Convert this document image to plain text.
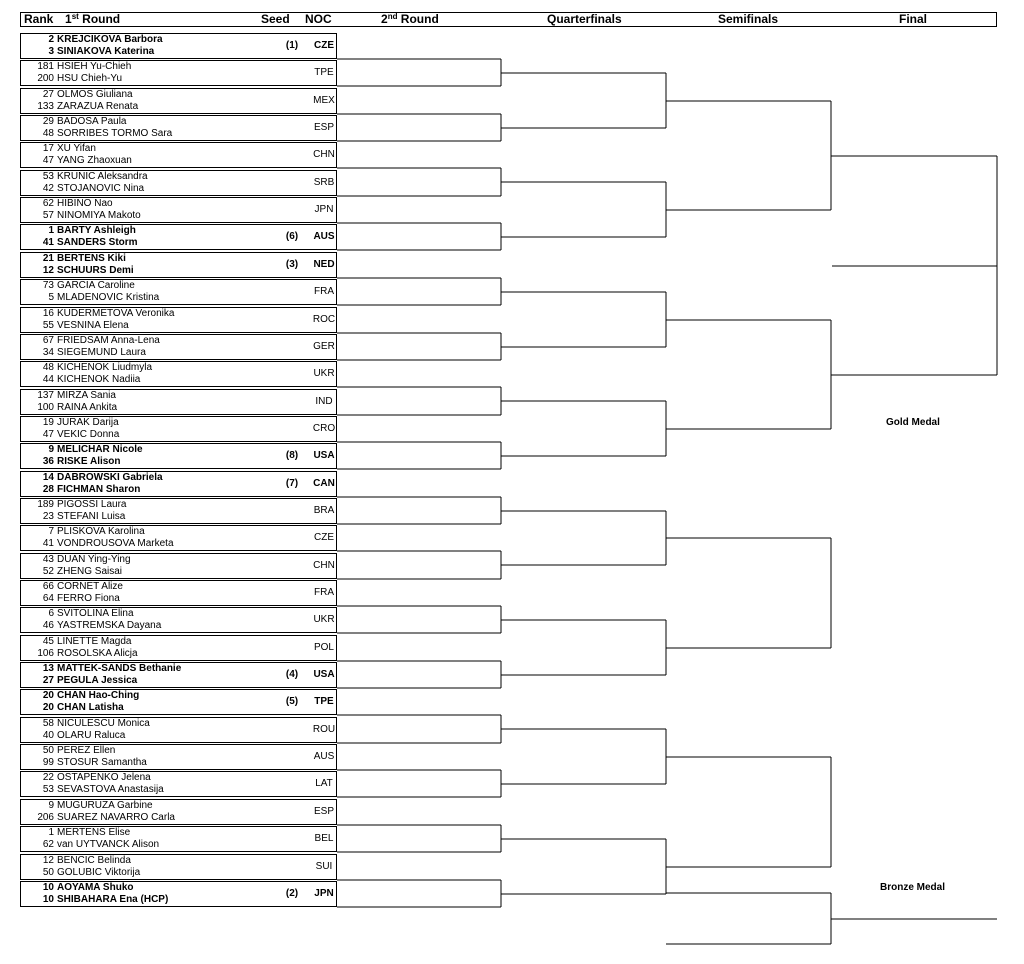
Rank 1st Round	Seed NOC	2nd Round	Quarterfinals	Semifinals	Final
2 KREJCIKOVA Barbora
3 SINIAKOVA Katerina
(1)	CZE
181 HSIEH Yu-Chieh
200 HSU Chieh-Yu
TPE
27 OLMOS Giuliana
133 ZARAZUA Renata
MEX
29 BADOSA Paula
48 SORRIBES TORMO Sara
ESP
17 XU Yifan
47 YANG Zhaoxuan
CHN
53 KRUNIC Aleksandra
42 STOJANOVIC Nina
SRB
62 HIBINO Nao
57 NINOMIYA Makoto
JPN
1 BARTY Ashleigh
41 SANDERS Storm
(6)	AUS
21 BERTENS Kiki
12 SCHUURS Demi
(3)	NED
73 GARCIA Caroline
5 MLADENOVIC Kristina
FRA
16 KUDERMETOVA Veronika
55 VESNINA Elena
ROC
67 FRIEDSAM Anna-Lena
34 SIEGEMUND Laura
GER
48 KICHENOK Liudmyla
44 KICHENOK Nadiia
UKR
137 MIRZA Sania
100 RAINA Ankita
IND
19 JURAK Darija
47 VEKIC Donna
CRO
9 MELICHAR Nicole
36 RISKE Alison
(8)	USA
14 DABROWSKI Gabriela
28 FICHMAN Sharon
(7)	CAN
189 PIGOSSI Laura
23 STEFANI Luisa
BRA
7 PLISKOVA Karolina
41 VONDROUSOVA Marketa
CZE
43 DUAN Ying-Ying
52 ZHENG Saisai
CHN
66 CORNET Alize
64 FERRO Fiona
FRA
6 SVITOLINA Elina
46 YASTREMSKA Dayana
UKR
45 LINETTE Magda
106 ROSOLSKA Alicja
POL
13 MATTEK-SANDS Bethanie
27 PEGULA Jessica
(4)	USA
20 CHAN Hao-Ching
20 CHAN Latisha
(5)	TPE
58 NICULESCU Monica
40 OLARU Raluca
ROU
50 PEREZ Ellen
99 STOSUR Samantha
AUS
22 OSTAPENKO Jelena
53 SEVASTOVA Anastasija
LAT
9 MUGURUZA Garbine
206 SUAREZ NAVARRO Carla
ESP
1 MERTENS Elise
62 van UYTVANCK Alison
BEL
12 BENCIC Belinda
50 GOLUBIC Viktorija
SUI
10 AOYAMA Shuko
10 SHIBAHARA Ena (HCP)
(2)	JPN
Gold Medal
Bronze Medal
